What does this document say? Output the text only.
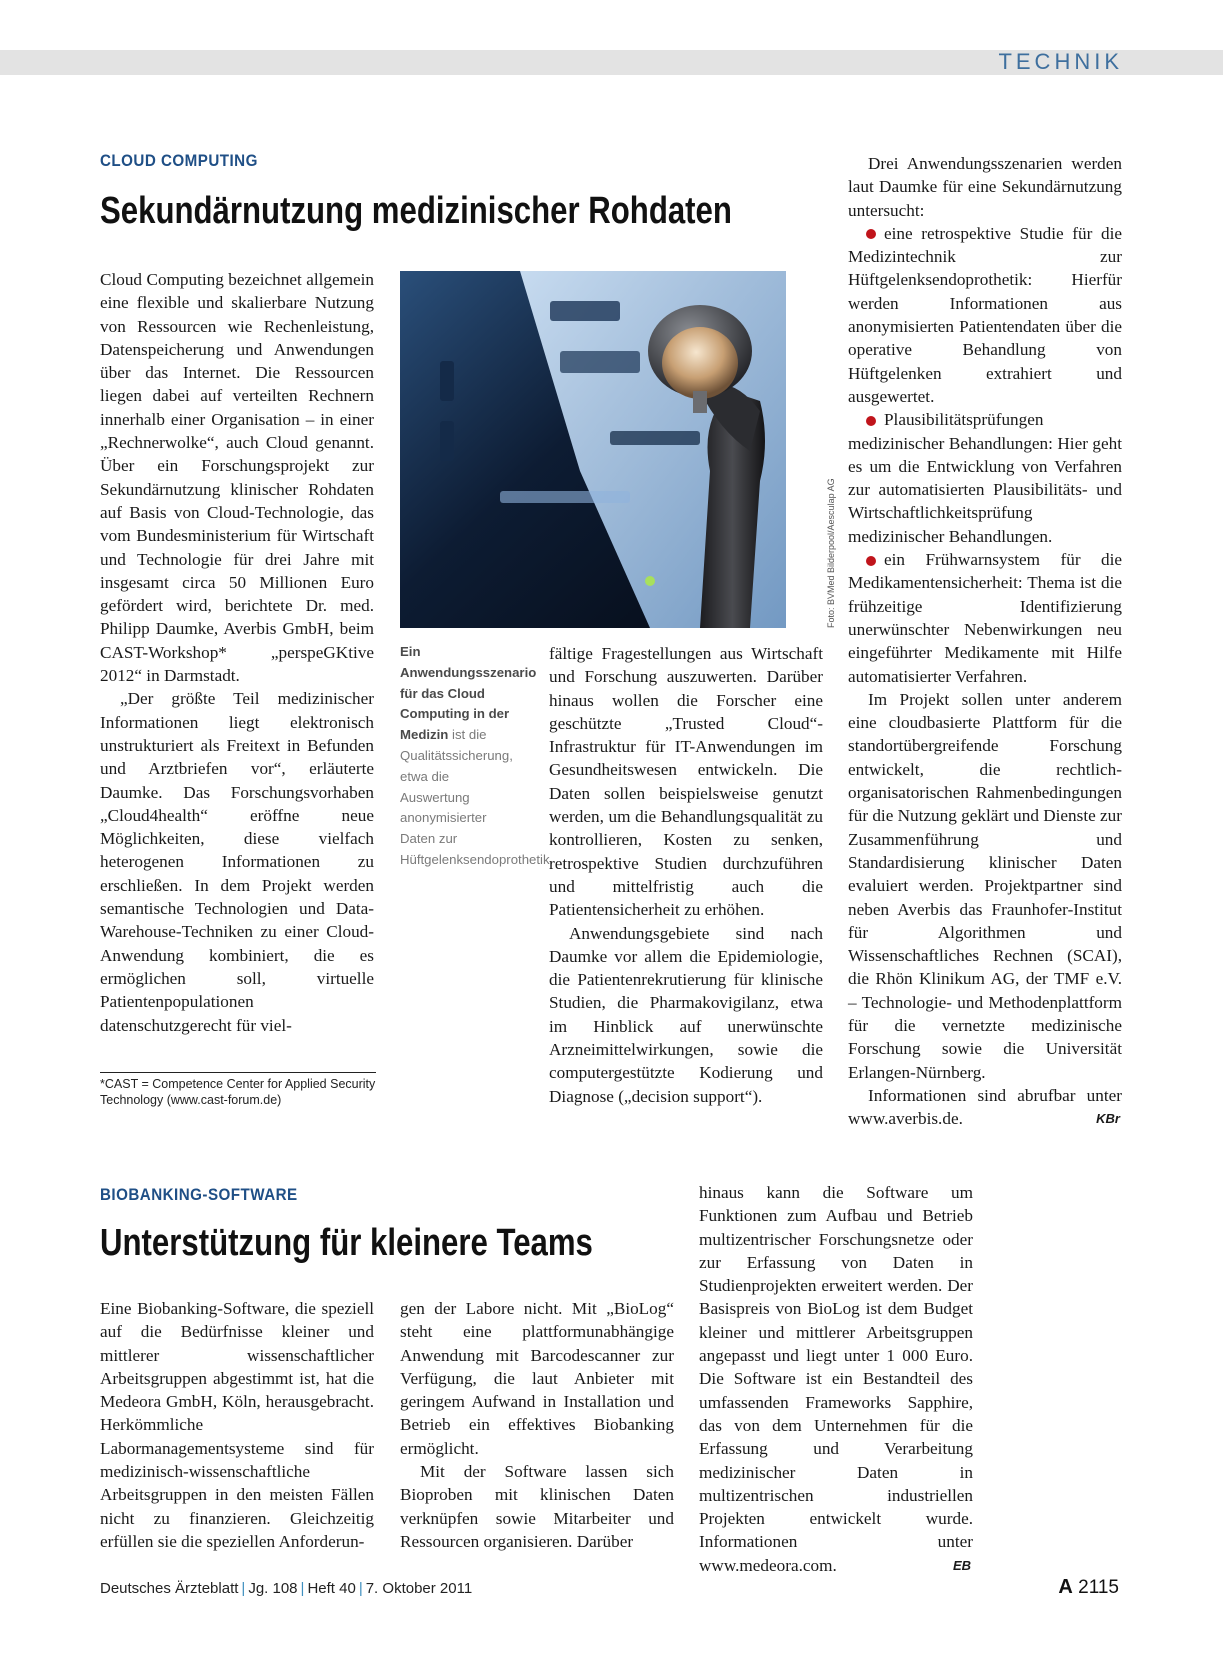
TECHNIK
CLOUD COMPUTING
Sekundärnutzung medizinischer Rohdaten

Cloud Computing bezeichnet allgemein eine flexible und skalierbare Nutzung von Ressourcen wie Rechenleistung, Datenspeicherung und Anwendungen über das Internet. Die Ressourcen liegen dabei auf verteilten Rechnern innerhalb einer Organisation – in einer „Rechnerwolke“, auch Cloud genannt. Über ein Forschungsprojekt zur Sekundärnutzung klinischer Rohdaten auf Basis von Cloud-Technologie, das vom Bundesministerium für Wirtschaft und Technologie für drei Jahre mit insgesamt circa 50 Millionen Euro gefördert wird, berichtete Dr. med. Philipp Daumke, Averbis GmbH, beim CAST-Workshop* „perspeGKtive 2012“ in Darmstadt.

„Der größte Teil medizinischer Informationen liegt elektronisch unstrukturiert als Freitext in Befunden und Arztbriefen vor“, erläuterte Daumke. Das Forschungsvorhaben „Cloud4health“ eröffne neue Möglichkeiten, diese vielfach heterogenen Informationen zu erschließen. In dem Projekt werden semantische Technologien und Data-Warehouse-Techniken zu einer Cloud-Anwendung kombiniert, die es ermöglichen soll, virtuelle Patientenpopulationen datenschutzgerecht für viel-

*CAST = Competence Center for Applied Security Technology (www.cast-forum.de)
Foto: BVMed Bilderpool/Aesculap AG
Ein Anwendungsszenario für das Cloud Computing in der Medizin ist die Qualitätssicherung, etwa die Auswertung anonymisierter Daten zur Hüftgelenksendoprothetik.

fältige Fragestellungen aus Wirtschaft und Forschung auszuwerten. Darüber hinaus wollen die Forscher eine geschützte „Trusted Cloud“-Infrastruktur für IT-Anwendungen im Gesundheitswesen entwickeln. Die Daten sollen beispielsweise genutzt werden, um die Behandlungsqualität zu kontrollieren, Kosten zu senken, retrospektive Studien durchzuführen und mittelfristig auch die Patientensicherheit zu erhöhen.

Anwendungsgebiete sind nach Daumke vor allem die Epidemiologie, die Patientenrekrutierung für klinische Studien, die Pharmakovigilanz, etwa im Hinblick auf unerwünschte Arzneimittelwirkungen, sowie die computergestützte Kodierung und Diagnose („decision support“).

Drei Anwendungsszenarien werden laut Daumke für eine Sekundärnutzung untersucht:

eine retrospektive Studie für die Medizintechnik zur Hüftgelenksendoprothetik: Hierfür werden Informationen aus anonymisierten Patientendaten über die operative Behandlung von Hüftgelenken extrahiert und ausgewertet.

Plausibilitätsprüfungen medizinischer Behandlungen: Hier geht es um die Entwicklung von Verfahren zur automatisierten Plausibilitäts- und Wirtschaftlichkeitsprüfung medizinischer Behandlungen.

ein Frühwarnsystem für die Medikamentensicherheit: Thema ist die frühzeitige Identifizierung unerwünschter Nebenwirkungen neu eingeführter Medikamente mit Hilfe automatisierter Verfahren.

Im Projekt sollen unter anderem eine cloudbasierte Plattform für die standortübergreifende Forschung entwickelt, die rechtlich-organisatorischen Rahmenbedingungen für die Nutzung geklärt und Dienste zur Zusammenführung und Standardisierung klinischer Daten evaluiert werden. Projektpartner sind neben Averbis das Fraunhofer-Institut für Algorithmen und Wissenschaftliches Rechnen (SCAI), die Rhön Klinikum AG, der TMF e.V. – Technologie- und Methodenplattform für die vernetzte medizinische Forschung sowie die Universität Erlangen-Nürnberg.

Informationen sind abrufbar unter www.averbis.de.	KBr

BIOBANKING-SOFTWARE
Unterstützung für kleinere Teams

Eine Biobanking-Software, die speziell auf die Bedürfnisse kleiner und mittlerer wissenschaftlicher Arbeitsgruppen abgestimmt ist, hat die Medeora GmbH, Köln, herausgebracht. Herkömmliche Labormanagementsysteme sind für medizinisch-wissenschaftliche Arbeitsgruppen in den meisten Fällen nicht zu finanzieren. Gleichzeitig erfüllen sie die speziellen Anforderun-

gen der Labore nicht. Mit „BioLog“ steht eine plattformunabhängige Anwendung mit Barcodescanner zur Verfügung, die laut Anbieter mit geringem Aufwand in Installation und Betrieb ein effektives Biobanking ermöglicht.

Mit der Software lassen sich Bioproben mit klinischen Daten verknüpfen sowie Mitarbeiter und Ressourcen organisieren. Darüber

hinaus kann die Software um Funktionen zum Aufbau und Betrieb multizentrischer Forschungsnetze oder zur Erfassung von Daten in Studienprojekten erweitert werden. Der Basispreis von BioLog ist dem Budget kleiner und mittlerer Arbeitsgruppen angepasst und liegt unter 1 000 Euro. Die Software ist ein Bestandteil des umfassenden Frameworks Sapphire, das von dem Unternehmen für die Erfassung und Verarbeitung medizinischer Daten in multizentrischen industriellen Projekten entwickelt wurde. Informationen unter www.medeora.com.	EB

Deutsches Ärzteblatt | Jg. 108 | Heft 40 | 7. Oktober 2011	A 2115
